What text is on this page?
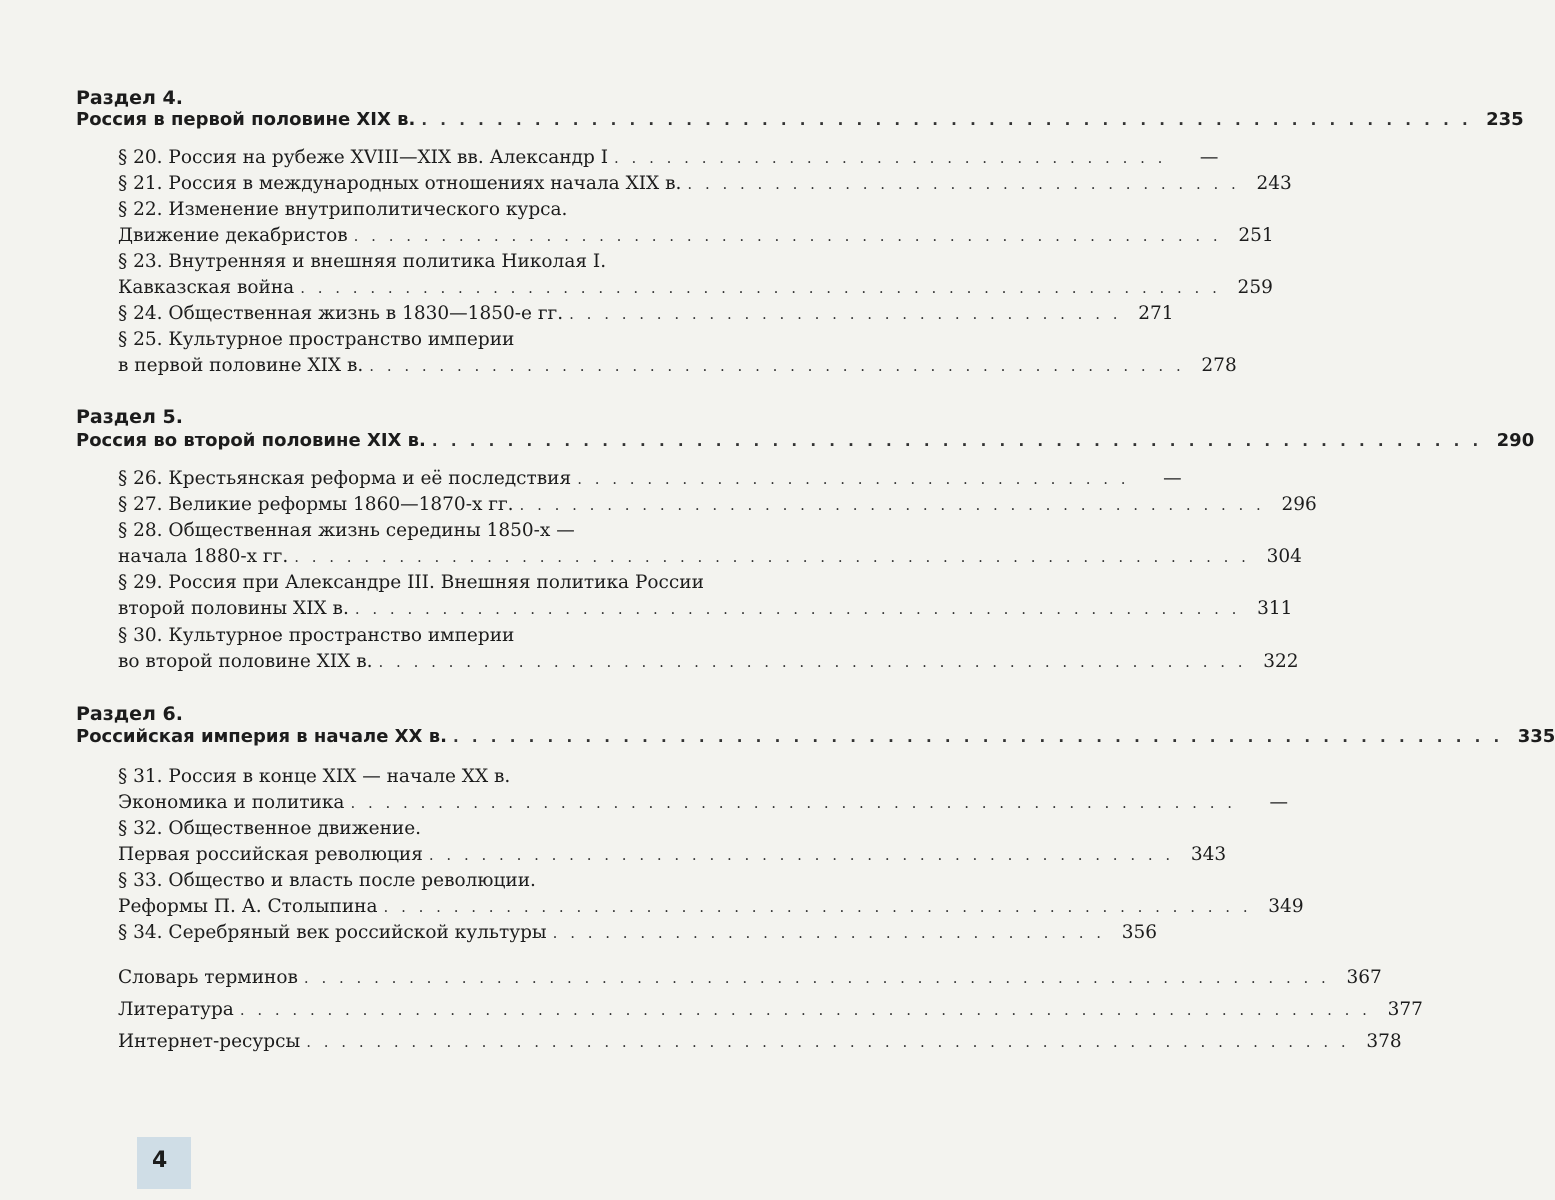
Раздел 4.
Россия в первой половине XIX в. . . . . . . . . . . . . . . . . . . . . . . . . . . . . . . . . . . . . . . . . . . . . . . . . . . . . . . . . 235
§ 20. Россия на рубеже XVIII—XIX вв. Александр I . . . . . . . . . . . . . . . . . . . . . . . . . . . . . . . .	—
§ 21. Россия в международных отношениях начала XIX в. . . . . . . . . . . . . . . . . . . . . . . . . . . . . . . . . 243
§ 22. Изменение внутриполитического курса.
Движение декабристов . . . . . . . . . . . . . . . . . . . . . . . . . . . . . . . . . . . . . . . . . . . . . . . . . . 251
§ 23. Внутренняя и внешняя политика Николая I.
Кавказская война . . . . . . . . . . . . . . . . . . . . . . . . . . . . . . . . . . . . . . . . . . . . . . . . . . . . . 259
§ 24. Общественная жизнь в 1830—1850-е гг. . . . . . . . . . . . . . . . . . . . . . . . . . . . . . . . . 271
§ 25. Культурное пространство империи
в первой половине XIX в. . . . . . . . . . . . . . . . . . . . . . . . . . . . . . . . . . . . . . . . . . . . . . . . 278
Раздел 5.
Россия во второй половине XIX в. . . . . . . . . . . . . . . . . . . . . . . . . . . . . . . . . . . . . . . . . . . . . . . . . . . . . . . . . 290
§ 26. Крестьянская реформа и её последствия . . . . . . . . . . . . . . . . . . . . . . . . . . . . . . . .	—
§ 27. Великие реформы 1860—1870-х гг. . . . . . . . . . . . . . . . . . . . . . . . . . . . . . . . . . . . . . . . . . . . 296
§ 28. Общественная жизнь середины 1850-х —
начала 1880-х гг. . . . . . . . . . . . . . . . . . . . . . . . . . . . . . . . . . . . . . . . . . . . . . . . . . . . . . . . 304
§ 29. Россия при Александре III. Внешняя политика России
второй половины XIX в. . . . . . . . . . . . . . . . . . . . . . . . . . . . . . . . . . . . . . . . . . . . . . . . . . . . 311
§ 30. Культурное пространство империи
во второй половине XIX в. . . . . . . . . . . . . . . . . . . . . . . . . . . . . . . . . . . . . . . . . . . . . . . . . . . 322
Раздел 6.
Российская империя в начале XX в. . . . . . . . . . . . . . . . . . . . . . . . . . . . . . . . . . . . . . . . . . . . . . . . . . . . . . . . . 335
§ 31. Россия в конце XIX — начале XX в.
Экономика и политика . . . . . . . . . . . . . . . . . . . . . . . . . . . . . . . . . . . . . . . . . . . . . . . . . . .	—
§ 32. Общественное движение.
Первая российская революция . . . . . . . . . . . . . . . . . . . . . . . . . . . . . . . . . . . . . . . . . . . 343
§ 33. Общество и власть после революции.
Реформы П. А. Столыпина . . . . . . . . . . . . . . . . . . . . . . . . . . . . . . . . . . . . . . . . . . . . . . . . . . 349
§ 34. Серебряный век российской культуры . . . . . . . . . . . . . . . . . . . . . . . . . . . . . . . . 356
Словарь терминов . . . . . . . . . . . . . . . . . . . . . . . . . . . . . . . . . . . . . . . . . . . . . . . . . . . . . . . . . . . 367
Литература . . . . . . . . . . . . . . . . . . . . . . . . . . . . . . . . . . . . . . . . . . . . . . . . . . . . . . . . . . . . . . . . . 377
Интернет-ресурсы . . . . . . . . . . . . . . . . . . . . . . . . . . . . . . . . . . . . . . . . . . . . . . . . . . . . . . . . . . . . 378
4
